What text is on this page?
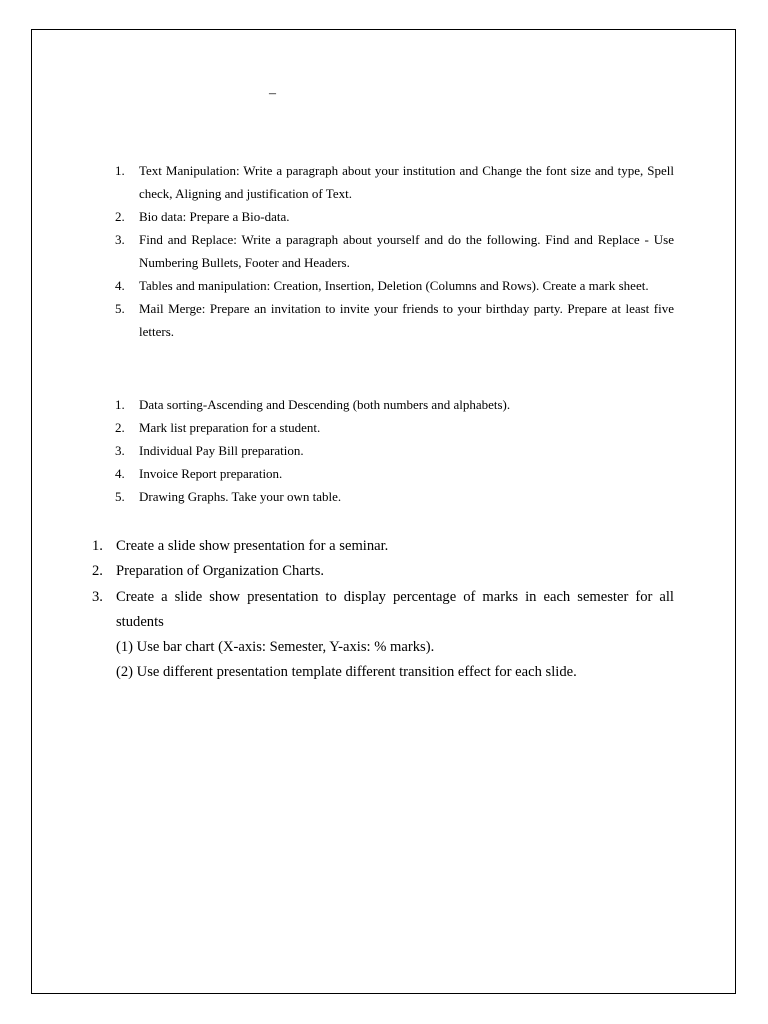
–
1. Text Manipulation: Write a paragraph about your institution and Change the font size and type, Spell check, Aligning and justification of Text.
2. Bio data: Prepare a Bio-data.
3. Find and Replace: Write a paragraph about yourself and do the following. Find and Replace - Use Numbering Bullets, Footer and Headers.
4. Tables and manipulation: Creation, Insertion, Deletion (Columns and Rows). Create a mark sheet.
5. Mail Merge: Prepare an invitation to invite your friends to your birthday party. Prepare at least five letters.
1. Data sorting-Ascending and Descending (both numbers and alphabets).
2. Mark list preparation for a student.
3. Individual Pay Bill preparation.
4. Invoice Report preparation.
5. Drawing Graphs. Take your own table.
1. Create a slide show presentation for a seminar.
2. Preparation of Organization Charts.
3. Create a slide show presentation to display percentage of marks in each semester for all students
(1) Use bar chart (X-axis: Semester, Y-axis: % marks).
(2) Use different presentation template different transition effect for each slide.
